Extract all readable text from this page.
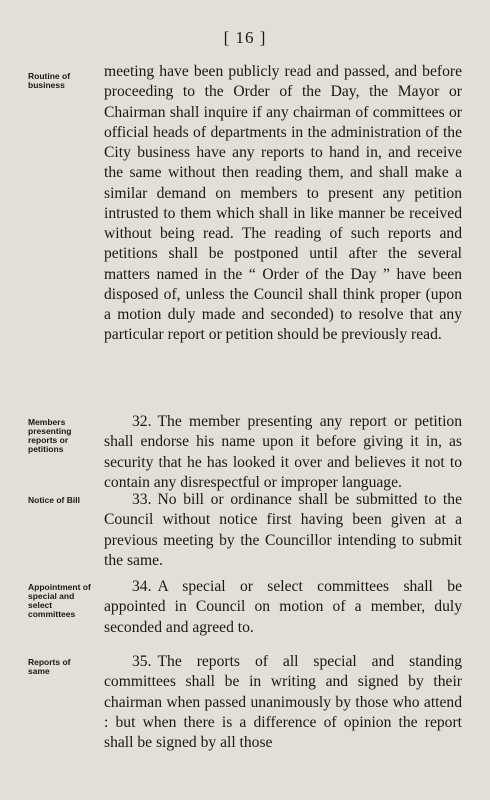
[ 16 ]
Routine of business

meeting have been publicly read and passed, and before proceeding to the Order of the Day, the Mayor or Chairman shall inquire if any chairman of committees or official heads of departments in the administration of the City business have any reports to hand in, and receive the same without then reading them, and shall make a similar demand on members to present any petition intrusted to them which shall in like manner be received without being read. The reading of such reports and petitions shall be postponed until after the several matters named in the “ Order of the Day ” have been disposed of, unless the Council shall think proper (upon a motion duly made and seconded) to resolve that any particular report or petition should be previously read.

Members presenting reports or petitions

32. The member presenting any report or petition shall endorse his name upon it before giving it in, as security that he has looked it over and believes it not to contain any disrespectful or improper language.

Notice of Bill	33. No bill or ordinance shall be submitted to the Council without notice first having been given at a previous meeting by the Councillor intending to submit the same.

Appointment of special and select committees

34. A special or select committees shall be appointed in Council on motion of a member, duly seconded and agreed to.

Reports of same

35. The reports of all special and standing committees shall be in writing and signed by their chairman when passed unanimously by those who attend : but when there is a difference of opinion the report shall be signed by all those
